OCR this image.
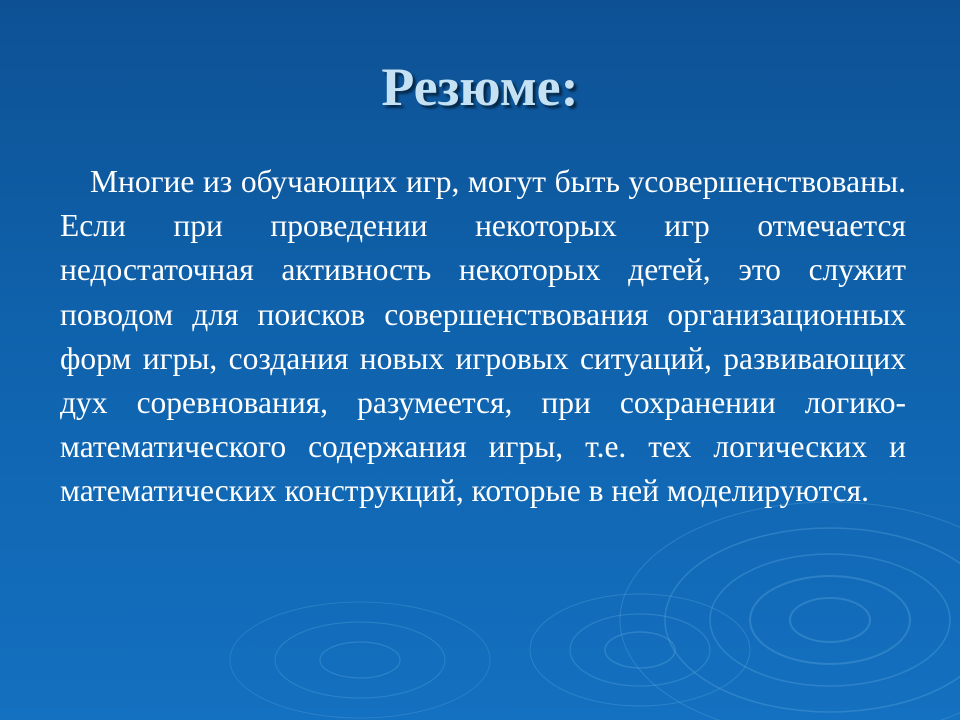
Резюме:

Многие из обучающих игр, могут быть усовершенствованы. Если при проведении некоторых игр отмечается недостаточная активность некоторых детей, это служит поводом для поисков совершенствования организационных форм игры, создания новых игровых ситуаций, развивающих дух соревнования, разумеется, при сохранении логико-математического содержания игры, т.е. тех логических и математических конструкций, которые в ней моделируются.
